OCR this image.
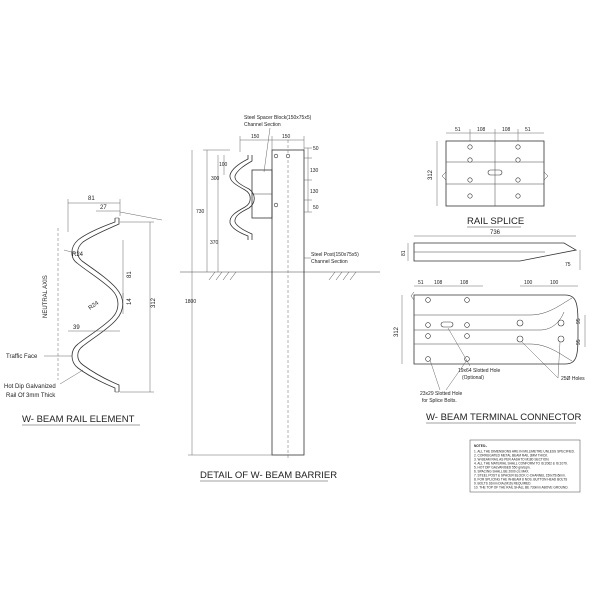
NEUTRAL AXIS
81
27
R24
R24	312
81
14
39
Traffic Face
Hot Dip Galvanized
Rail Of 3mm Thick
W- BEAM RAIL ELEMENT
Steel Spacer Block(150x75x5)
Channel Section
150	150
50
130
130
50
100
300
730
370
1800
Steel Post(150x75x5)
Channel Section
DETAIL OF W- BEAM BARRIER
51	108	108	51
312
RAIL SPLICE
736
81
75
51 108	108	100	100
312
95
95
19x64 Slotted Hole
(Optional)
23x29 Slotted Hole
for Splice Bolts.
25Ø Holes
W- BEAM TERMINAL CONNECTOR
NOTES:-
1. ALL THE DIMENSIONS ARE IN MILLIMETRE UNLESS SPECIFIED.
2. CORRUGATED METAL BEAM RAIL 3MM THICK.
3. W-BEAM RAIL AS PER AASHTO M180 SECTION.
4. ALL THE MATERIAL SHALL CONFORM TO IS:2062 & IS:1079.
5. HOT DIP GALVANISED 550 gm/sqm.
6. SPACING SHALL BE 2000 c/c MAX.
7. STEEL POST & SPACER BLOCK C-CHANNEL 150x75x5mm.
8. FOR SPLICING THE W-BEAM 8 NOS. BUTTON HEAD BOLTS
9. BOLTS 16mm DIA (M16) REQUIRED.
10. THE TOP OF THE RAIL SHALL BE 730mm ABOVE GROUND.
